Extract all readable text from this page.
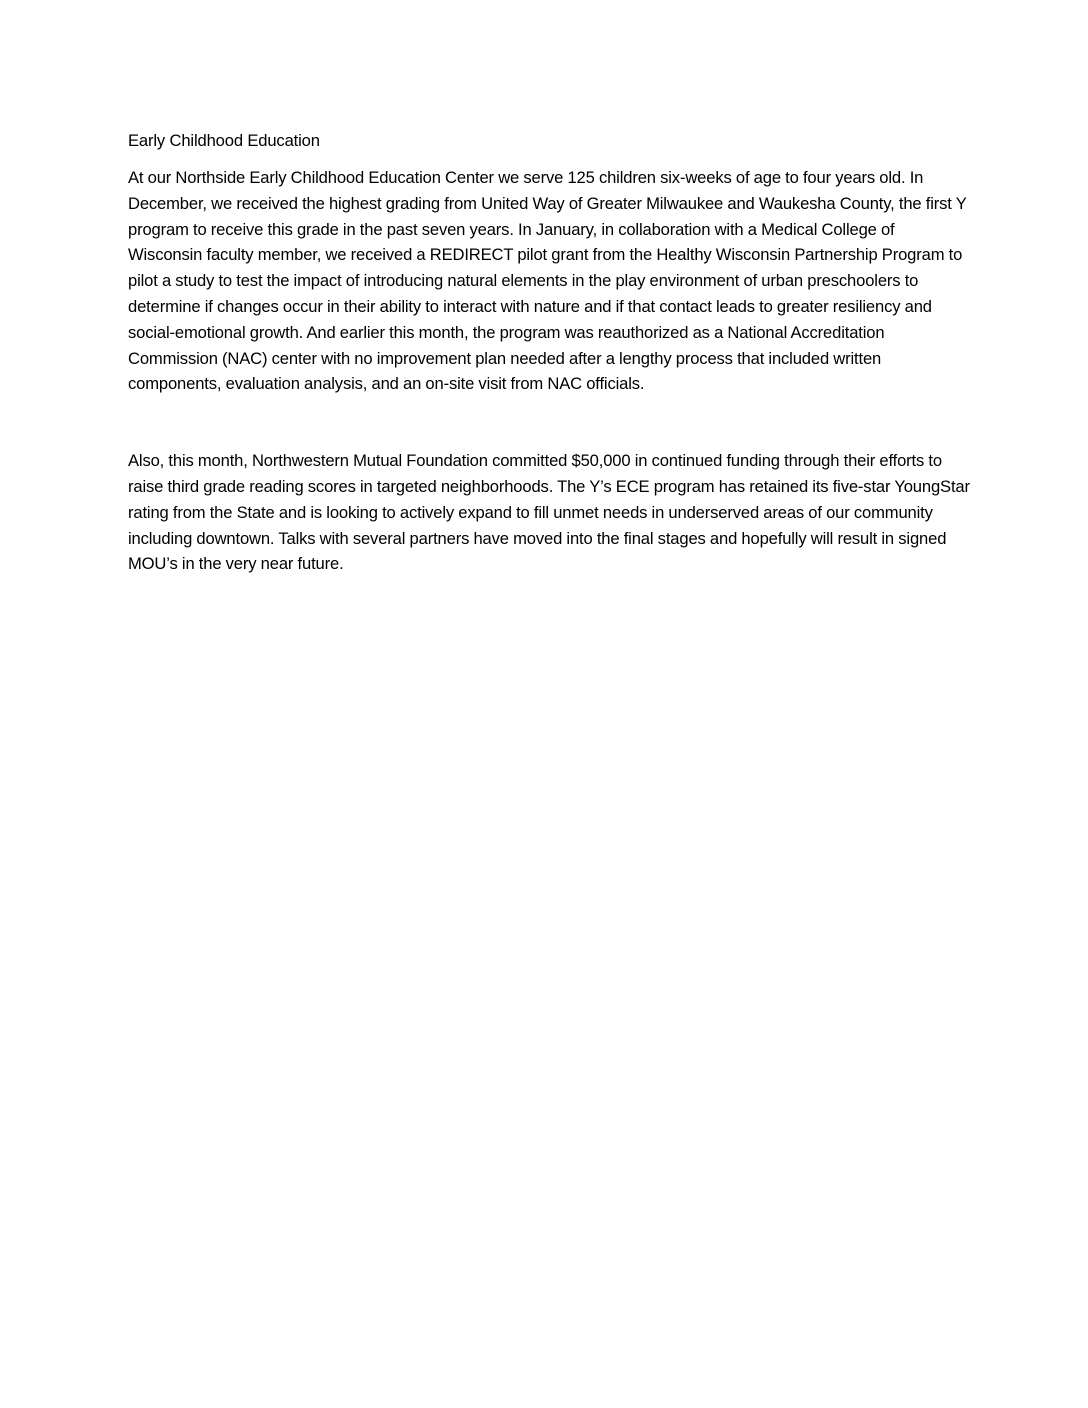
Early Childhood Education

At our Northside Early Childhood Education Center we serve 125 children six-weeks of age to four years old. In December, we received the highest grading from United Way of Greater Milwaukee and Waukesha County, the first Y program to receive this grade in the past seven years. In January, in collaboration with a Medical College of Wisconsin faculty member, we received a REDIRECT pilot grant from the Healthy Wisconsin Partnership Program to pilot a study to test the impact of introducing natural elements in the play environment of urban preschoolers to determine if changes occur in their ability to interact with nature and if that contact leads to greater resiliency and social-emotional growth. And earlier this month, the program was reauthorized as a National Accreditation Commission (NAC) center with no improvement plan needed after a lengthy process that included written components, evaluation analysis, and an on-site visit from NAC officials.

Also, this month, Northwestern Mutual Foundation committed $50,000 in continued funding through their efforts to raise third grade reading scores in targeted neighborhoods. The Y’s ECE program has retained its five-star YoungStar rating from the State and is looking to actively expand to fill unmet needs in underserved areas of our community including downtown. Talks with several partners have moved into the final stages and hopefully will result in signed MOU’s in the very near future.
